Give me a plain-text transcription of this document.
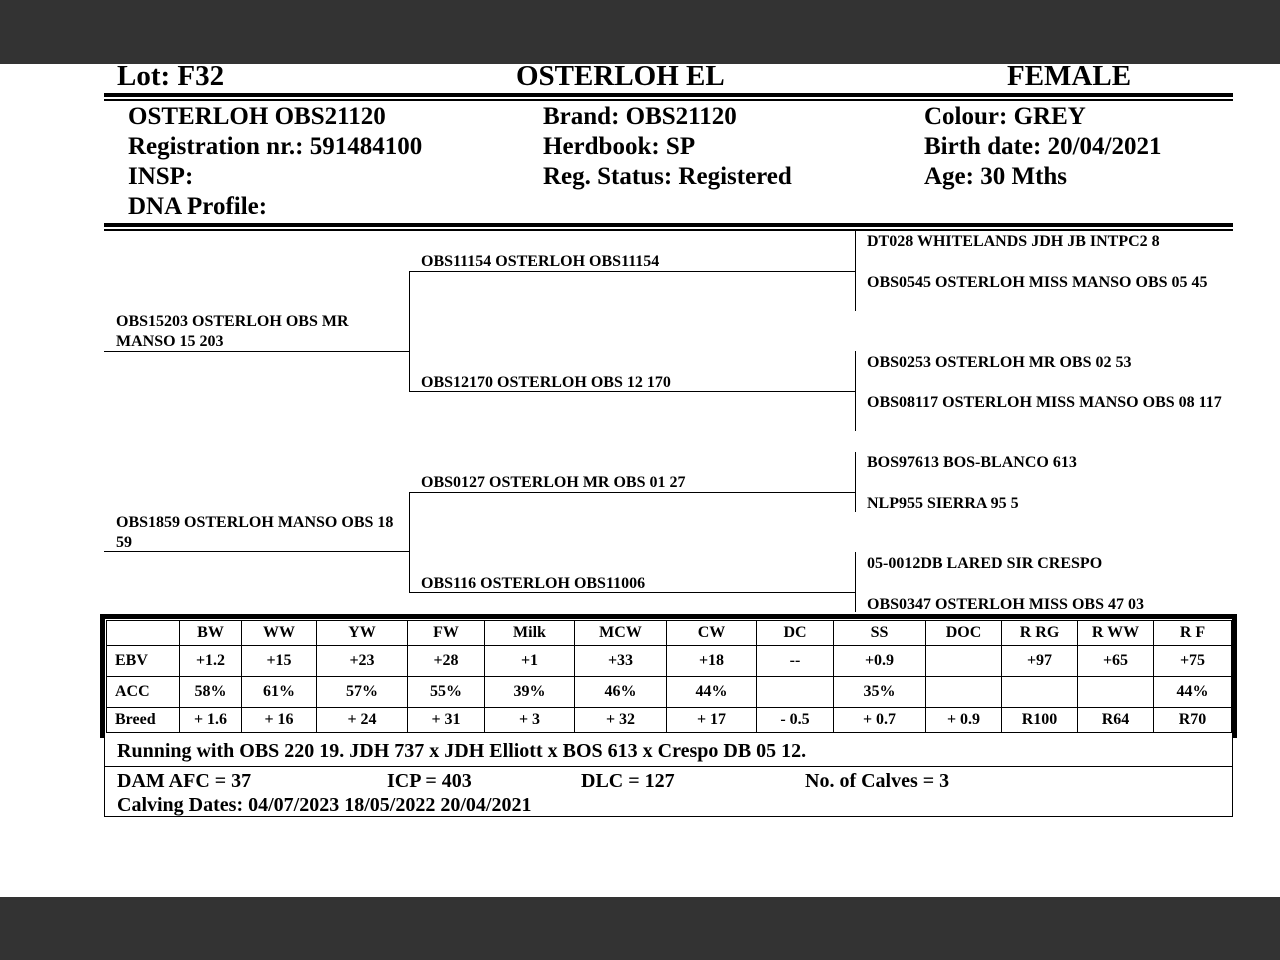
Lot: F32	OSTERLOH EL	FEMALE
OSTERLOH OBS21120
Registration nr.: 591484100
INSP:
DNA Profile:
Brand: OBS21120
Herdbook: SP
Reg. Status: Registered
Colour: GREY
Birth date: 20/04/2021
Age: 30 Mths
OBS15203 OSTERLOH OBS MR MANSO 15 203
OBS1859 OSTERLOH MANSO OBS 18 59
OBS11154 OSTERLOH OBS11154
OBS12170 OSTERLOH OBS 12 170
OBS0127 OSTERLOH MR OBS 01 27
OBS116 OSTERLOH OBS11006
DT028 WHITELANDS JDH JB INTPC2 8
OBS0545 OSTERLOH MISS MANSO OBS 05 45
OBS0253 OSTERLOH MR OBS 02 53
OBS08117 OSTERLOH MISS MANSO OBS 08 117
BOS97613 BOS-BLANCO 613
NLP955 SIERRA 95 5
05-0012DB LARED SIR CRESPO
OBS0347 OSTERLOH MISS OBS 47 03
	BW	WW	YW	FW	Milk	MCW	CW	DC	SS	DOC	R RG	R WW	R F
EBV	+1.2	+15	+23	+28	+1	+33	+18	--	+0.9		+97	+65	+75
ACC	58%	61%	57%	55%	39%	46%	44%		35%				44%
Breed	+ 1.6	+ 16	+ 24	+ 31	+ 3	+ 32	+ 17	- 0.5	+ 0.7	+ 0.9	R100	R64	R70
Running with OBS 220 19. JDH 737 x JDH Elliott x BOS 613 x Crespo DB 05 12.
DAM AFC = 37	ICP = 403	DLC = 127	No. of Calves = 3
Calving Dates: 04/07/2023 18/05/2022 20/04/2021
